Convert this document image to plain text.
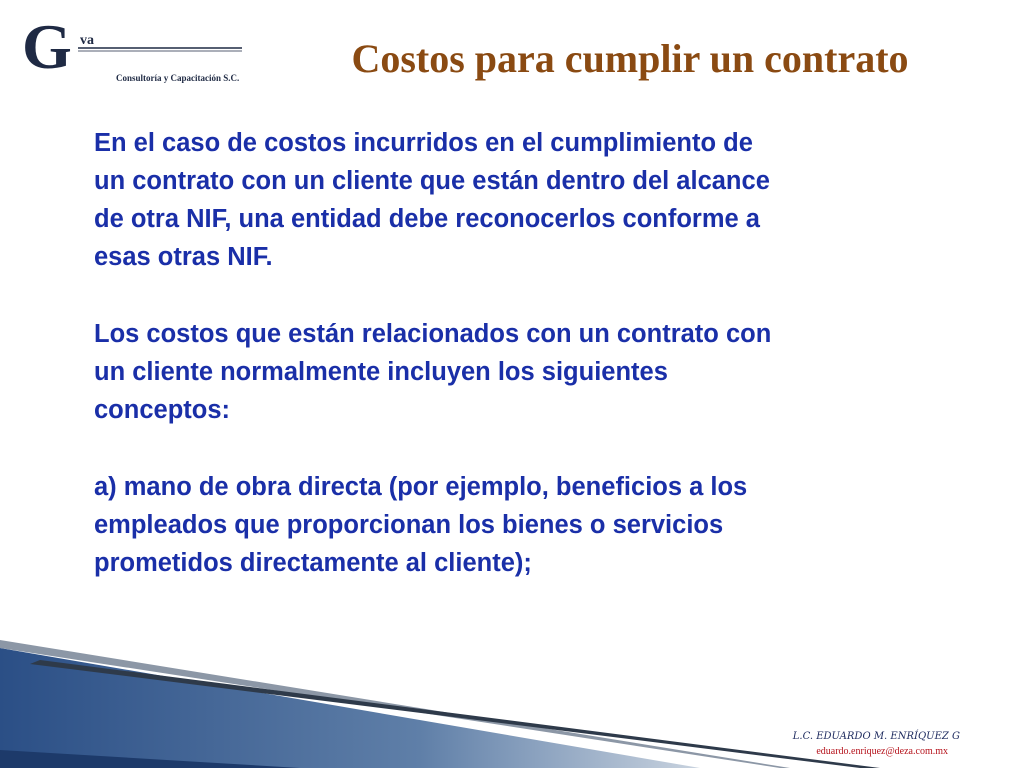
G va
Consultoría y Capacitación S.C.	Costos para cumplir un contrato

En el caso de costos incurridos en el cumplimiento de
un contrato con un cliente que están dentro del alcance
de otra NIF, una entidad debe reconocerlos conforme a
esas otras NIF.

Los costos que están relacionados con un contrato con
un cliente normalmente incluyen los siguientes
conceptos:

a) mano de obra directa (por ejemplo, beneficios a los
empleados que proporcionan los bienes o servicios
prometidos directamente al cliente);

L.C. EDUARDO M. ENRÍQUEZ G
eduardo.enriquez@deza.com.mx
